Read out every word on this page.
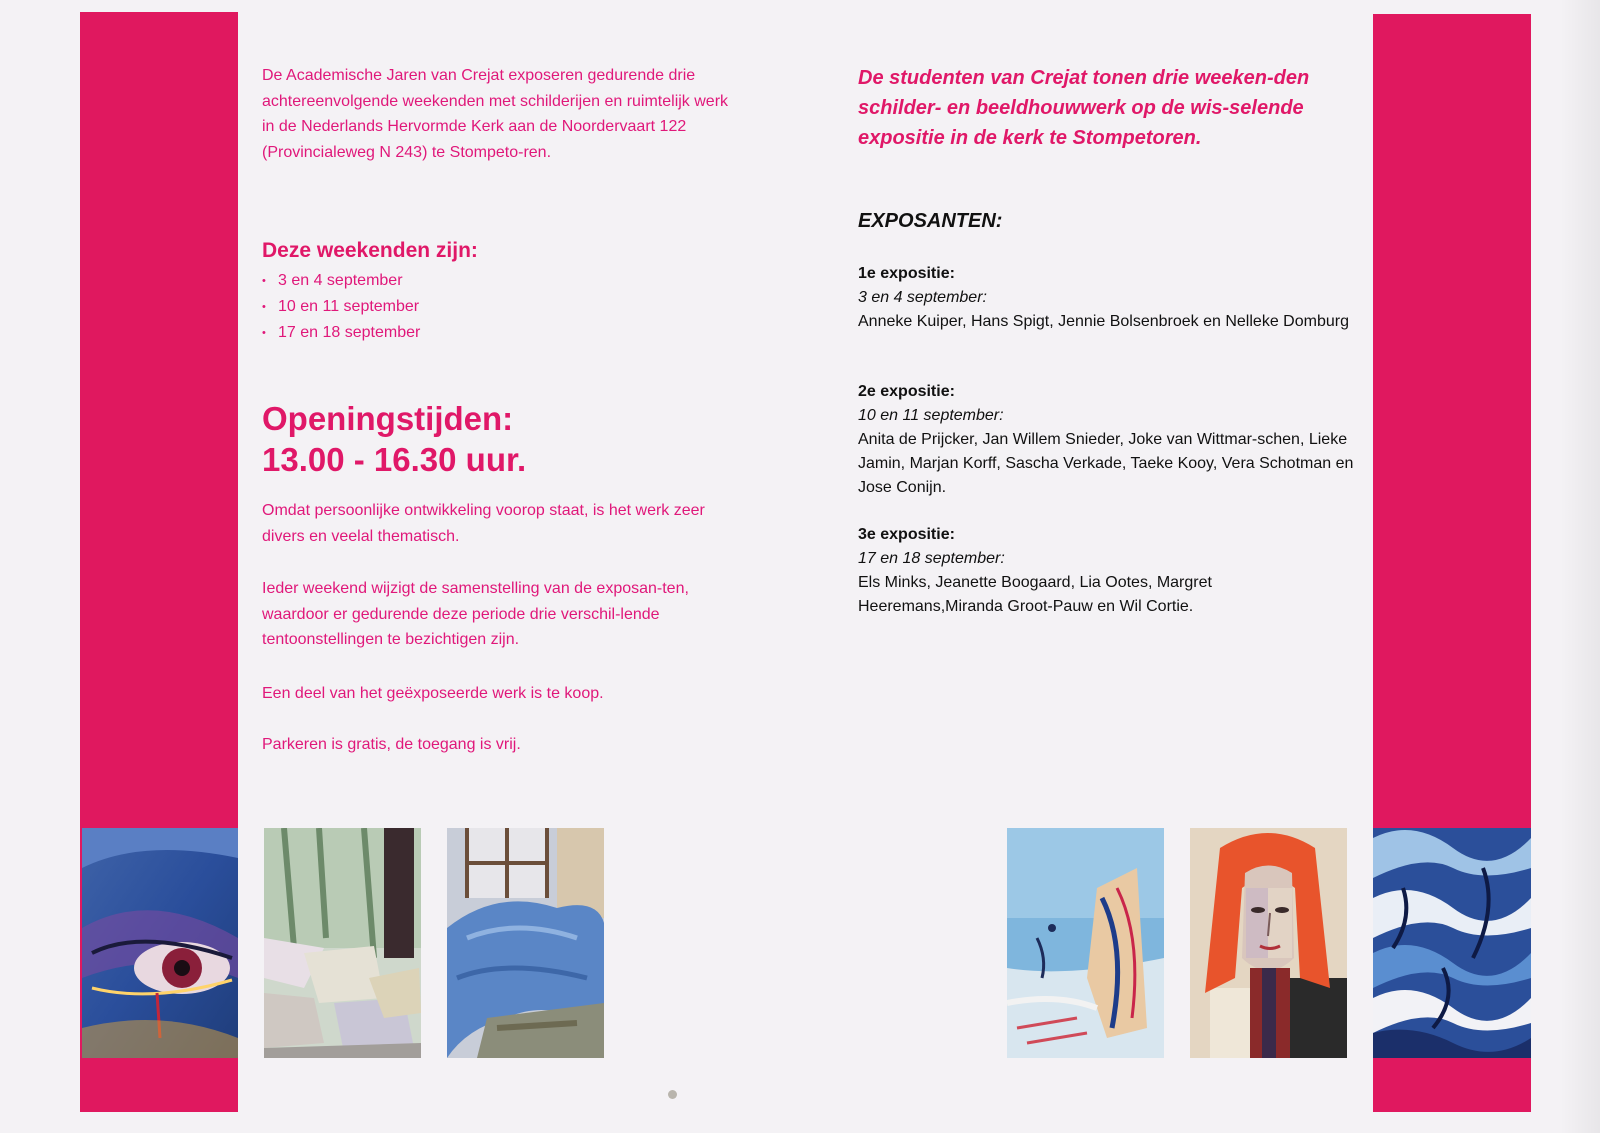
De Academische Jaren van Crejat exposeren gedurende drie achtereenvolgende weekenden met schilderijen en ruimtelijk werk in de Nederlands Hervormde Kerk aan de Noordervaart 122 (Provincialeweg N 243) te Stompeto-ren.
Deze weekenden zijn:
• 3 en 4 september
• 10 en 11 september
• 17 en 18 september
Openingstijden:
13.00 - 16.30 uur.
Omdat persoonlijke ontwikkeling voorop staat, is het werk zeer divers en veelal thematisch.
Ieder weekend wijzigt de samenstelling van de exposan-ten, waardoor er gedurende deze periode drie verschil-lende tentoonstellingen te bezichtigen zijn.
Een deel van het geëxposeerde werk is te koop.
Parkeren is gratis, de toegang is vrij.
De studenten van Crejat tonen drie weeken-den schilder- en beeldhouwwerk op de wis-selende expositie in de kerk te Stompetoren.
EXPOSANTEN:
1e expositie:
3 en 4 september:
Anneke Kuiper, Hans Spigt, Jennie Bolsenbroek en Nelleke Domburg
2e expositie:
10 en 11 september:
Anita de Prijcker, Jan Willem Snieder, Joke van Wittmar-schen, Lieke Jamin, Marjan Korff, Sascha Verkade, Taeke Kooy, Vera Schotman en Jose Conijn.
3e expositie:
17 en 18 september:
Els Minks, Jeanette Boogaard, Lia Ootes, Margret Heeremans,Miranda Groot-Pauw en Wil Cortie.
